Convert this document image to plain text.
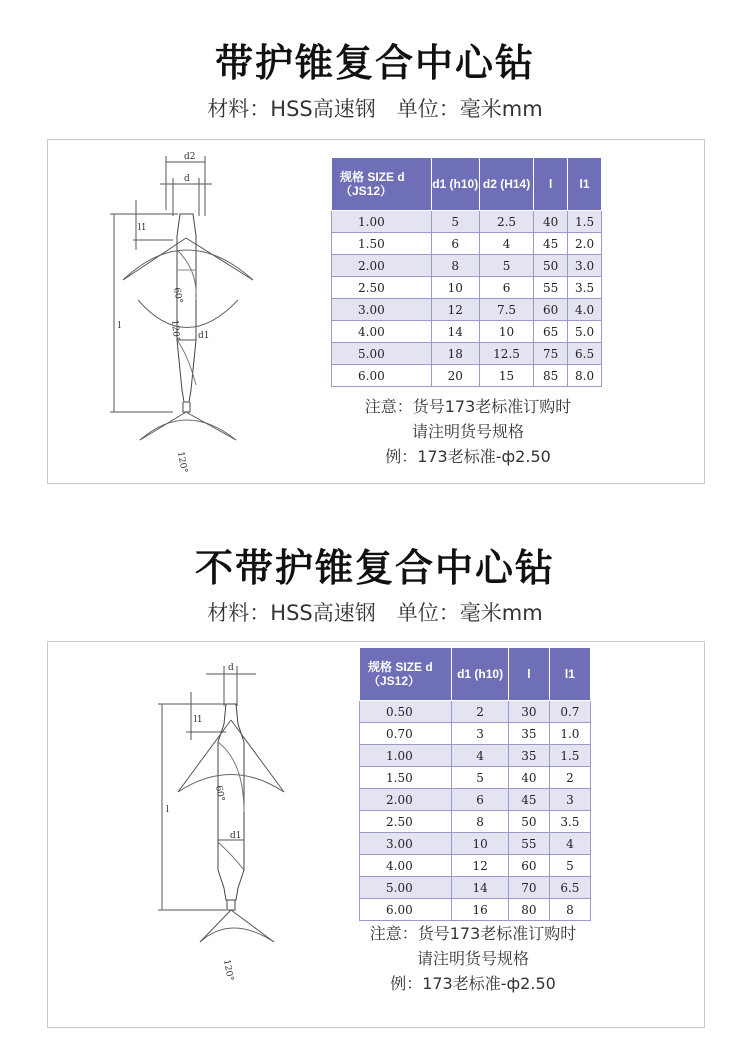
带护锥复合中心钻
材料：HSS高速钢　单位：毫米mm
d2
d
l1
l
d1
60°
120°
120°
规格 SIZE d（JS12）	d1 (h10)	d2 (H14)	l	l1
1.00	5	2.5	40	1.5
1.50	6	4	45	2.0
2.00	8	5	50	3.0
2.50	10	6	55	3.5
3.00	12	7.5	60	4.0
4.00	14	10	65	5.0
5.00	18	12.5	75	6.5
6.00	20	15	85	8.0
注意：货号173老标准订购时
请注明货号规格
例：173老标准-ф2.50
不带护锥复合中心钻
材料：HSS高速钢　单位：毫米mm
d
l1
l
d1
60°
120°
规格 SIZE d（JS12）	d1 (h10)	l	l1
0.50	2	30	0.7
0.70	3	35	1.0
1.00	4	35	1.5
1.50	5	40	2
2.00	6	45	3
2.50	8	50	3.5
3.00	10	55	4
4.00	12	60	5
5.00	14	70	6.5
6.00	16	80	8
注意：货号173老标准订购时
请注明货号规格
例：173老标准-ф2.50
